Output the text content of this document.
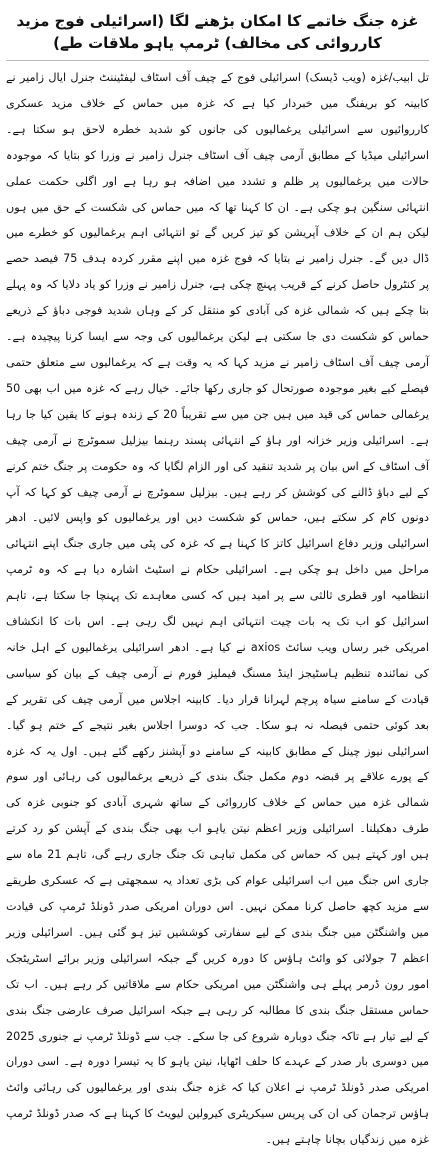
غزہ جنگ خاتمے کا امکان بڑھنے لگا (اسرائیلی فوج مزید کارروائی کی مخالف) ٹرمپ یاہو ملاقات طے)

تل ابیب/غزہ (ویب ڈیسک) اسرائیلی فوج کے چیف آف اسٹاف لیفٹیننٹ جنرل ایال زامیر نے کابینہ کو بریفنگ میں خبردار کیا ہے کہ غزہ میں حماس کے خلاف مزید عسکری کارروائیوں سے اسرائیلی یرغمالیوں کی جانوں کو شدید خطرہ لاحق ہو سکتا ہے۔ اسرائیلی میڈیا کے مطابق آرمی چیف آف اسٹاف جنرل زامیر نے وزرا کو بتایا کہ موجودہ حالات میں یرغمالیوں پر ظلم و تشدد میں اضافہ ہو رہا ہے اور اگلی حکمت عملی انتہائی سنگین ہو چکی ہے۔ ان کا کہنا تھا کہ میں حماس کی شکست کے حق میں ہوں لیکن ہم ان کے خلاف آپریشن کو تیز کریں گے تو انتہائی اہم یرغمالیوں کو خطرے میں ڈال دیں گے۔ جنرل زامیر نے بتایا کہ فوج غزہ میں اپنے مقرر کردہ ہدف 75 فیصد حصے پر کنٹرول حاصل کرنے کے قریب پہنچ چکی ہے، جنرل زامیر نے وزرا کو یاد دلایا کہ وہ پہلے بتا چکے ہیں کہ شمالی غزہ کی آبادی کو منتقل کر کے وہاں شدید فوجی دباؤ کے ذریعے حماس کو شکست دی جا سکتی ہے لیکن یرغمالیوں کی وجہ سے ایسا کرنا پیچیدہ ہے۔ آرمی چیف آف اسٹاف زامیر نے مزید کہا کہ یہ وقت ہے کہ یرغمالیوں سے متعلق حتمی فیصلے کیے بغیر موجودہ صورتحال کو جاری رکھا جائے۔ خیال رہے کہ غزہ میں اب بھی 50 یرغمالی حماس کی قید میں ہیں جن میں سے تقریباً 20 کے زندہ ہونے کا یقین کیا جا رہا ہے۔ اسرائیلی وزیر خزانہ اور ہاؤ کے انتہائی پسند رہنما بیزلیل سموٹرچ نے آرمی چیف آف اسٹاف کے اس بیان پر شدید تنقید کی اور الزام لگایا کہ وہ حکومت پر جنگ ختم کرنے کے لیے دباؤ ڈالنے کی کوشش کر رہے ہیں۔ بیزلیل سموٹرچ نے آرمی چیف کو کہا کہ آپ دونوں کام کر سکتے ہیں، حماس کو شکست دیں اور یرغمالیوں کو واپس لائیں۔ ادھر اسرائیلی وزیر دفاع اسرائیل کاتز کا کہنا ہے کہ غزہ کی پٹی میں جاری جنگ اپنے انتہائی مراحل میں داخل ہو چکی ہے۔ اسرائیلی حکام نے اسٹیٹ اشارہ دیا ہے کہ وہ ٹرمپ انتظامیہ اور قطری ثالثی سے پر امید ہیں کہ کسی معاہدے تک پہنچا جا سکتا ہے، تاہم اسرائیل کو اب تک یہ بات چیت انتہائی اہم نہیں لگ رہی ہے۔ اس بات کا انکشاف امریکی خبر رساں ویب سائٹ axios نے کیا ہے۔ ادھر اسرائیلی یرغمالیوں کے اہل خانہ کی نمائندہ تنظیم ہاسٹیجز اینڈ مسنگ فیملیز فورم نے آرمی چیف کے بیان کو سیاسی قیادت کے سامنے سیاہ پرچم لہرانا قرار دیا۔ کابینہ اجلاس میں آرمی چیف کی تقریر کے بعد کوئی حتمی فیصلہ نہ ہو سکا۔ جب کہ دوسرا اجلاس بغیر نتیجے کے ختم ہو گیا۔ اسرائیلی نیوز چینل کے مطابق کابینہ کے سامنے دو آپشنز رکھے گئے ہیں۔ اول یہ کہ غزہ کے پورے علاقے پر قبضہ دوم مکمل جنگ بندی کے ذریعے یرغمالیوں کی رہائی اور سوم شمالی غزہ میں حماس کے خلاف کارروائی کے ساتھ شہری آبادی کو جنوبی غزہ کی طرف دھکیلنا۔ اسرائیلی وزیر اعظم نیتن یاہو اب بھی جنگ بندی کے آپشن کو رد کرتے ہیں اور کہتے ہیں کہ حماس کی مکمل تباہی تک جنگ جاری رہے گی، تاہم 21 ماہ سے جاری اس جنگ میں اب اسرائیلی عوام کی بڑی تعداد یہ سمجھتی ہے کہ عسکری طریقے سے مزید کچھ حاصل کرنا ممکن نہیں۔ اس دوران امریکی صدر ڈونلڈ ٹرمپ کی قیادت میں واشنگٹن میں جنگ بندی کے لیے سفارتی کوششیں تیز ہو گئی ہیں۔ اسرائیلی وزیر اعظم 7 جولائی کو وائٹ ہاؤس کا دورہ کریں گے جبکہ اسرائیلی وزیر برائے اسٹریٹجک امور رون ڈرمر پہلے ہی واشنگٹن میں امریکی حکام سے ملاقاتیں کر رہے ہیں۔ اب تک حماس مستقل جنگ بندی کا مطالبہ کر رہی ہے جبکہ اسرائیل صرف عارضی جنگ بندی کے لیے تیار ہے تاکہ جنگ دوبارہ شروع کی جا سکے۔ جب سے ڈونلڈ ٹرمپ نے جنوری 2025 میں دوسری بار صدر کے عہدے کا حلف اٹھایا، نیتن یاہو کا یہ تیسرا دورہ ہے۔ اسی دوران امریکی صدر ڈونلڈ ٹرمپ نے اعلان کیا کہ غزہ جنگ بندی اور یرغمالیوں کی رہائی وائٹ ہاؤس ترجمان کی ان کی پریس سیکریٹری کیرولین لیویٹ کا کہنا ہے کہ صدر ڈونلڈ ٹرمپ غزہ میں زندگیاں بچانا چاہتے ہیں۔
